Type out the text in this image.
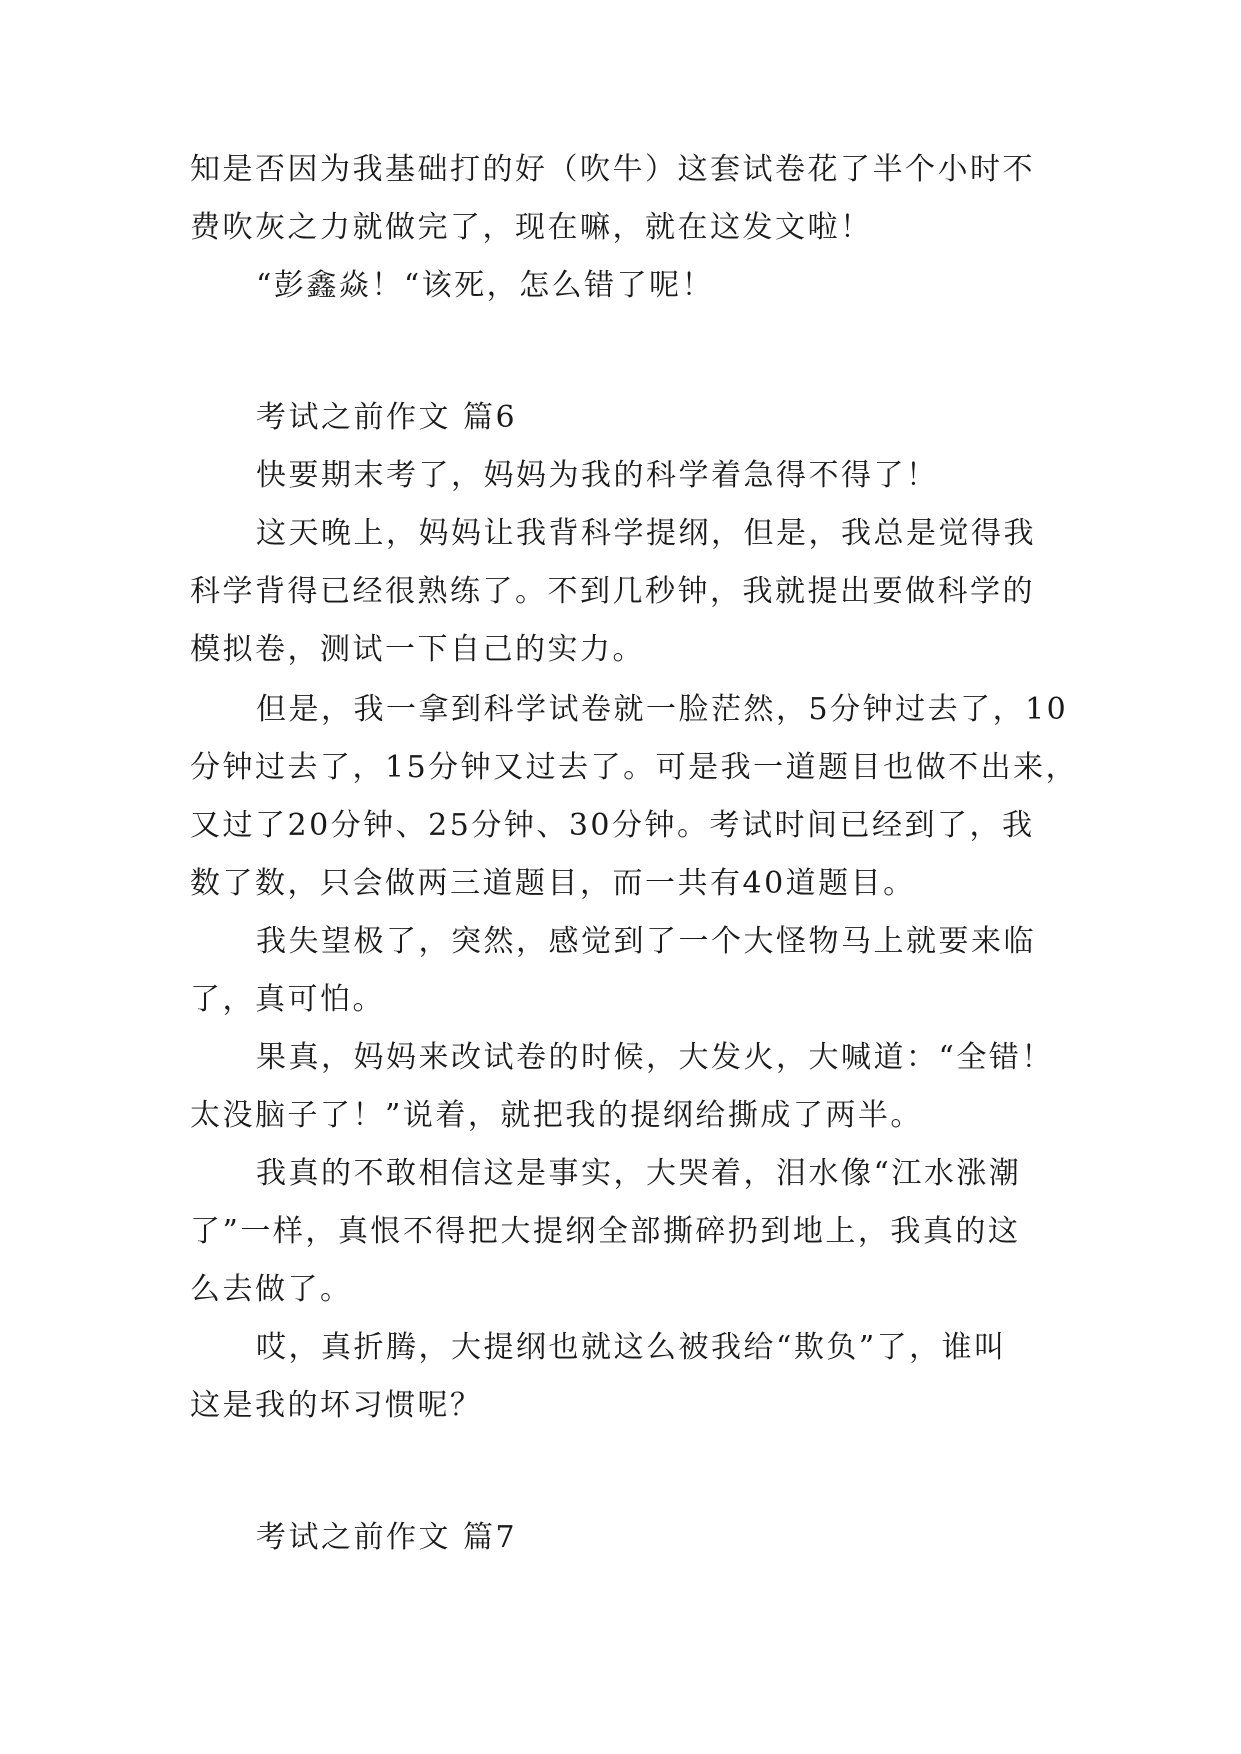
知是否因为我基础打的好（吹牛）这套试卷花了半个小时不
费吹灰之力就做完了，现在嘛，就在这发文啦！
“彭鑫焱！“该死，怎么错了呢！
考试之前作文 篇6
快要期末考了，妈妈为我的科学着急得不得了！
这天晚上，妈妈让我背科学提纲，但是，我总是觉得我
科学背得已经很熟练了。不到几秒钟，我就提出要做科学的
模拟卷，测试一下自己的实力。
但是，我一拿到科学试卷就一脸茫然，5分钟过去了，10
分钟过去了，15分钟又过去了。可是我一道题目也做不出来，
又过了20分钟、25分钟、30分钟。考试时间已经到了，我
数了数，只会做两三道题目，而一共有40道题目。
我失望极了，突然，感觉到了一个大怪物马上就要来临
了，真可怕。
果真，妈妈来改试卷的时候，大发火，大喊道：“全错！
太没脑子了！”说着，就把我的提纲给撕成了两半。
我真的不敢相信这是事实，大哭着，泪水像“江水涨潮
了”一样，真恨不得把大提纲全部撕碎扔到地上，我真的这
么去做了。
哎，真折腾，大提纲也就这么被我给“欺负”了，谁叫
这是我的坏习惯呢？
考试之前作文 篇7
